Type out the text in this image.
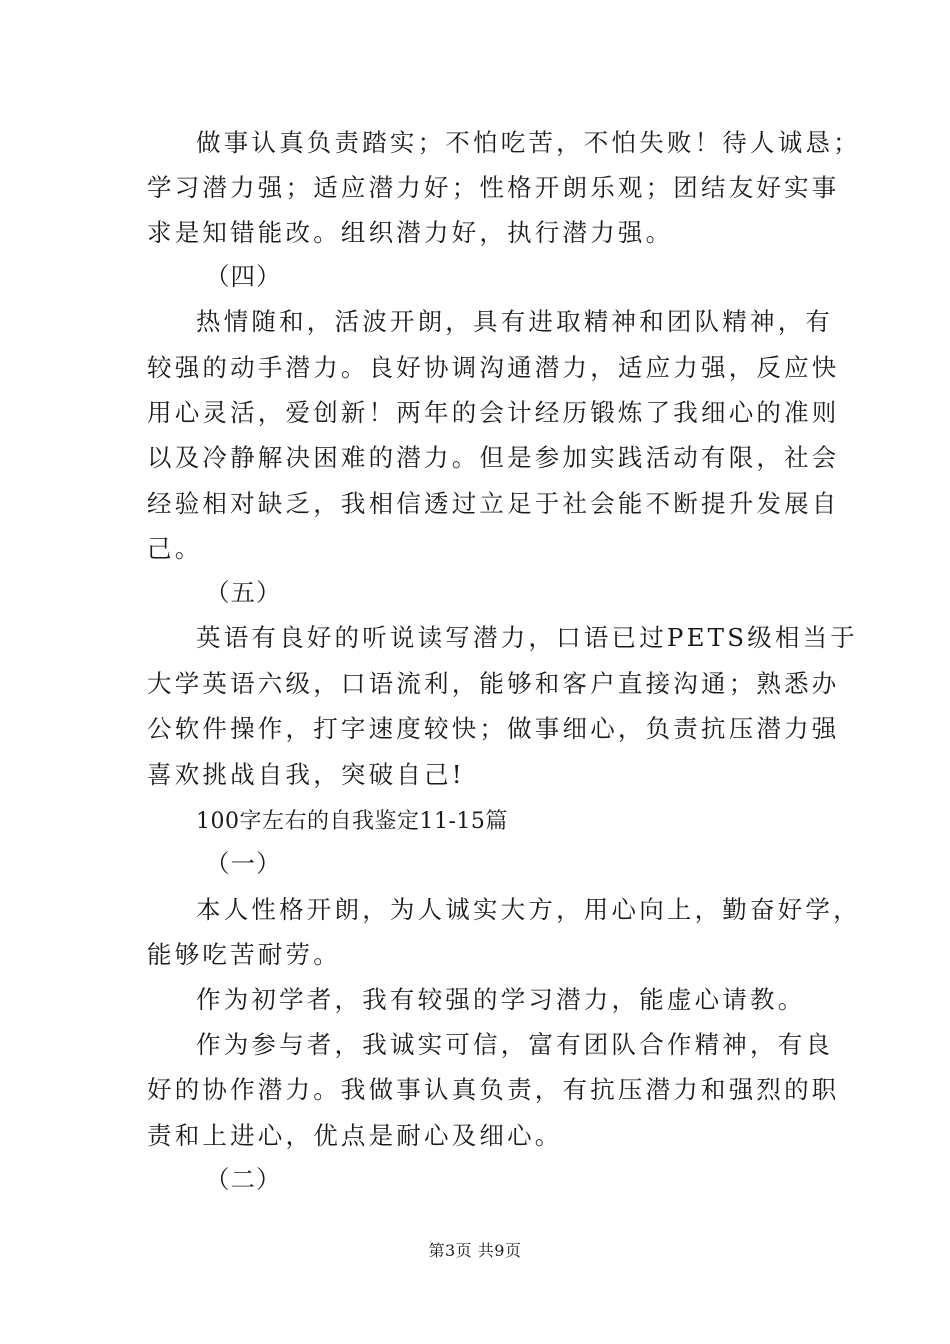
做事认真负责踏实；不怕吃苦，不怕失败！待人诚恳；
学习潜力强；适应潜力好；性格开朗乐观；团结友好实事
求是知错能改。组织潜力好，执行潜力强。
（四）
热情随和，活波开朗，具有进取精神和团队精神，有
较强的动手潜力。良好协调沟通潜力，适应力强，反应快
用心灵活，爱创新！两年的会计经历锻炼了我细心的准则
以及冷静解决困难的潜力。但是参加实践活动有限，社会
经验相对缺乏，我相信透过立足于社会能不断提升发展自
己。
（五）
英语有良好的听说读写潜力，口语已过PETS级相当于
大学英语六级，口语流利，能够和客户直接沟通；熟悉办
公软件操作，打字速度较快；做事细心，负责抗压潜力强
喜欢挑战自我，突破自己!
100字左右的自我鉴定11-15篇
（一）
本人性格开朗，为人诚实大方，用心向上，勤奋好学，
能够吃苦耐劳。
作为初学者，我有较强的学习潜力，能虚心请教。
作为参与者，我诚实可信，富有团队合作精神，有良
好的协作潜力。我做事认真负责，有抗压潜力和强烈的职
责和上进心，优点是耐心及细心。
（二）
第3页 共9页
